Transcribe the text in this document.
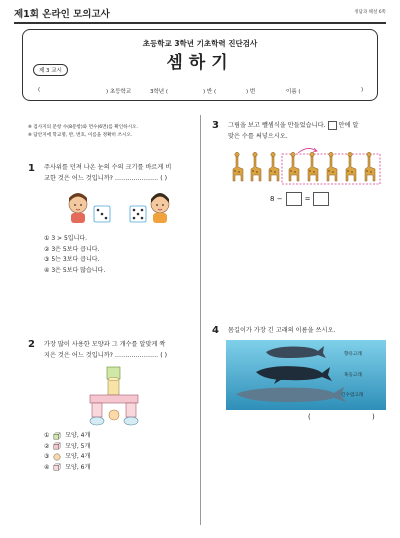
제1회 온라인 모의고사	정답과 해설 6쪽
초등학교 3학년 기초학력 진단검사
셈하기
제 3 교시
(	) 초등학교	3학년 (	) 반 (	) 번	이름 (	)
※ 검사지의 문항 수(8문항)와 면수(6면)를 확인하시오.
※ 답안지에 학교명, 반, 번호, 이름을 정확히 쓰시오.
1 주사위를 던져 나온 눈의 수의 크기를 바르게 비
교한 것은 어느 것입니까? ………………… ( )
① 3 > 5입니다.
② 3은 5보다 큽니다.
③ 5는 3보다 큽니다.
④ 3은 5보다 많습니다.
2 가장 많이 사용한 모양과 그 개수를 알맞게 짝
지은 것은 어느 것입니까? ………………… ( )
①	모양, 4개
②	모양, 5개
③	모양, 4개
④	모양, 6개
3 그림을 보고 뺄셈식을 만들었습니다. 안에 알
맞은 수를 써넣으시오.
8 −	=
4 몸길이가 가장 긴 고래의 이름을 쓰시오.
향유고래
혹등고래
긴수염고래
(	)
